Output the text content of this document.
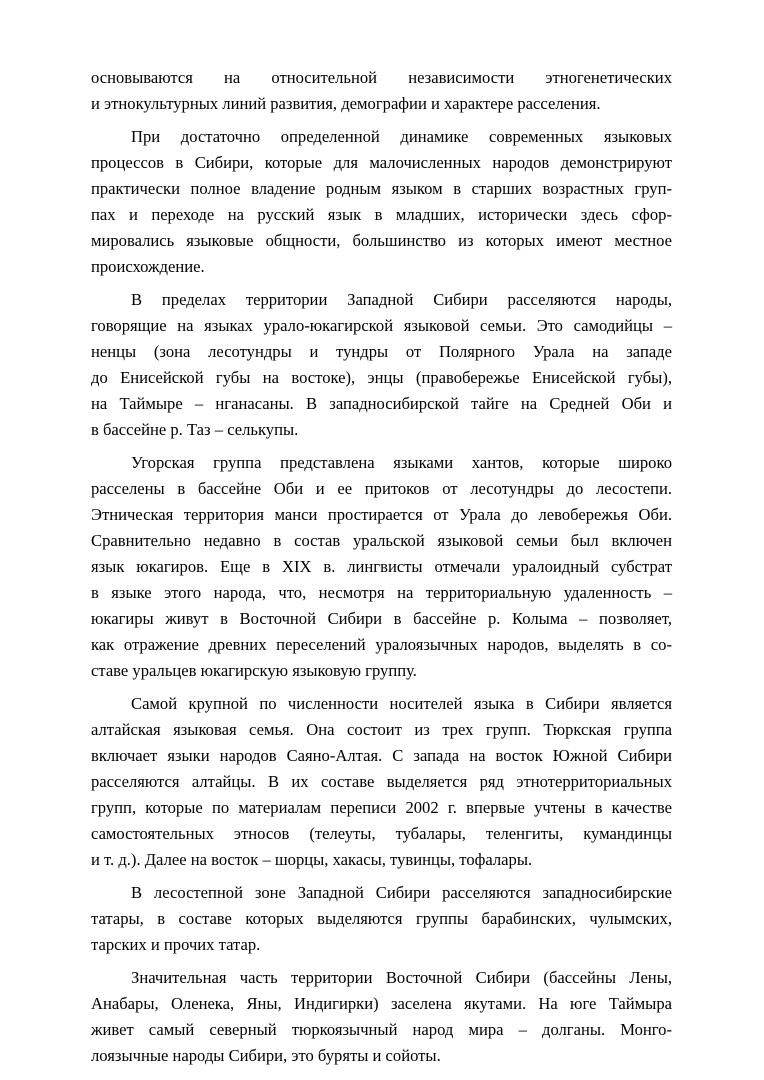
основываются на относительной независимости этногенетических
и этнокультурных линий развития, демографии и характере расселения.
При достаточно определенной динамике современных языковых
процессов в Сибири, которые для малочисленных народов демонстрируют
практически полное владение родным языком в старших возрастных груп-
пах и переходе на русский язык в младших, исторически здесь сфор-
мировались языковые общности, большинство из которых имеют местное
происхождение.
В пределах территории Западной Сибири расселяются народы,
говорящие на языках урало-юкагирской языковой семьи. Это самодийцы –
ненцы (зона лесотундры и тундры от Полярного Урала на западе
до Енисейской губы на востоке), энцы (правобережье Енисейской губы),
на Таймыре – нганасаны. В западносибирской тайге на Средней Оби и
в бассейне р. Таз – селькупы.
Угорская группа представлена языками хантов, которые широко
расселены в бассейне Оби и ее притоков от лесотундры до лесостепи.
Этническая территория манси простирается от Урала до левобережья Оби.
Сравнительно недавно в состав уральской языковой семьи был включен
язык юкагиров. Еще в XIX в. лингвисты отмечали уралоидный субстрат
в языке этого народа, что, несмотря на территориальную удаленность –
юкагиры живут в Восточной Сибири в бассейне р. Колыма – позволяет,
как отражение древних переселений уралоязычных народов, выделять в со-
ставе уральцев юкагирскую языковую группу.
Самой крупной по численности носителей языка в Сибири является
алтайская языковая семья. Она состоит из трех групп. Тюркская группа
включает языки народов Саяно-Алтая. С запада на восток Южной Сибири
расселяются алтайцы. В их составе выделяется ряд этнотерриториальных
групп, которые по материалам переписи 2002 г. впервые учтены в качестве
самостоятельных этносов (телеуты, тубалары, теленгиты, кумандинцы
и т. д.). Далее на восток – шорцы, хакасы, тувинцы, тофалары.
В лесостепной зоне Западной Сибири расселяются западносибирские
татары, в составе которых выделяются группы барабинских, чулымских,
тарских и прочих татар.
Значительная часть территории Восточной Сибири (бассейны Лены,
Анабары, Оленека, Яны, Индигирки) заселена якутами. На юге Таймыра
живет самый северный тюркоязычный народ мира – долганы. Монго-
лоязычные народы Сибири, это буряты и сойоты.
